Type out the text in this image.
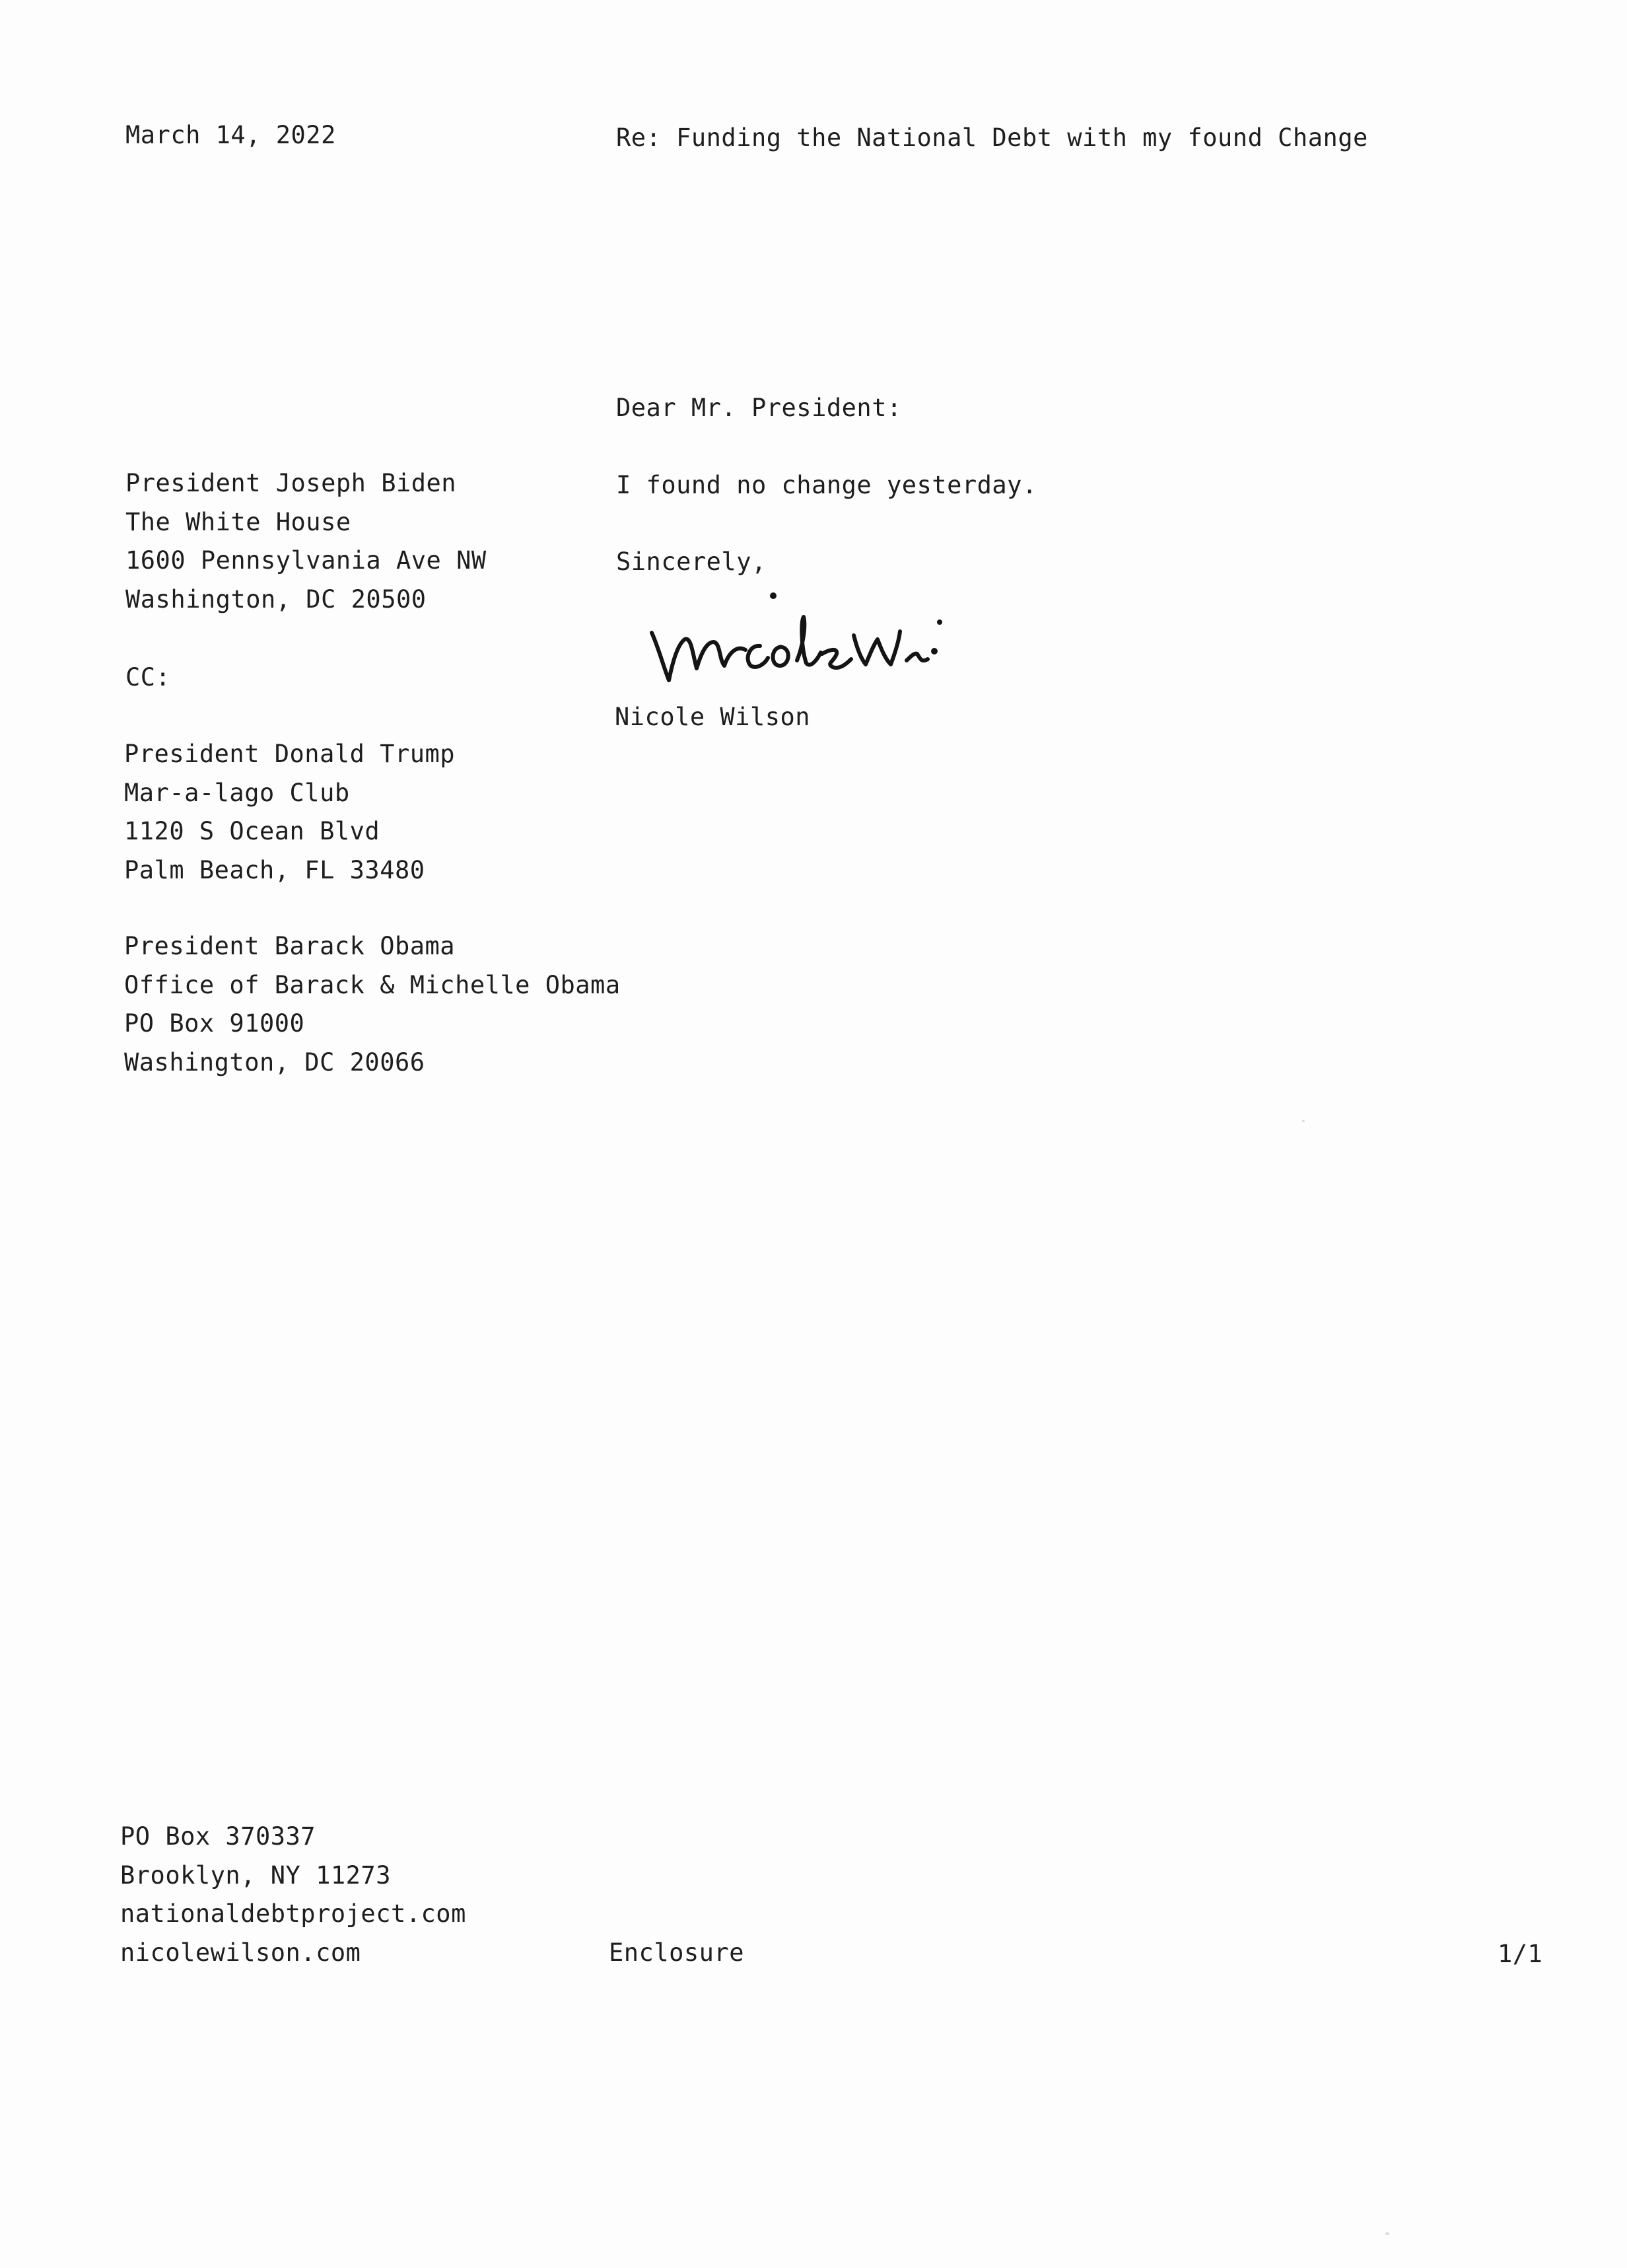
March 14, 2022	Re: Funding the National Debt with my found Change
Dear Mr. President:
President Joseph Biden
The White House
1600 Pennsylvania Ave NW
Washington, DC 20500
I found no change yesterday.
Sincerely,
Nicole Wilson
CC:
President Donald Trump
Mar-a-lago Club
1120 S Ocean Blvd
Palm Beach, FL 33480
President Barack Obama
Office of Barack & Michelle Obama
PO Box 91000
Washington, DC 20066
PO Box 370337
Brooklyn, NY 11273
nationaldebtproject.com
nicolewilson.com	Enclosure	1/1
